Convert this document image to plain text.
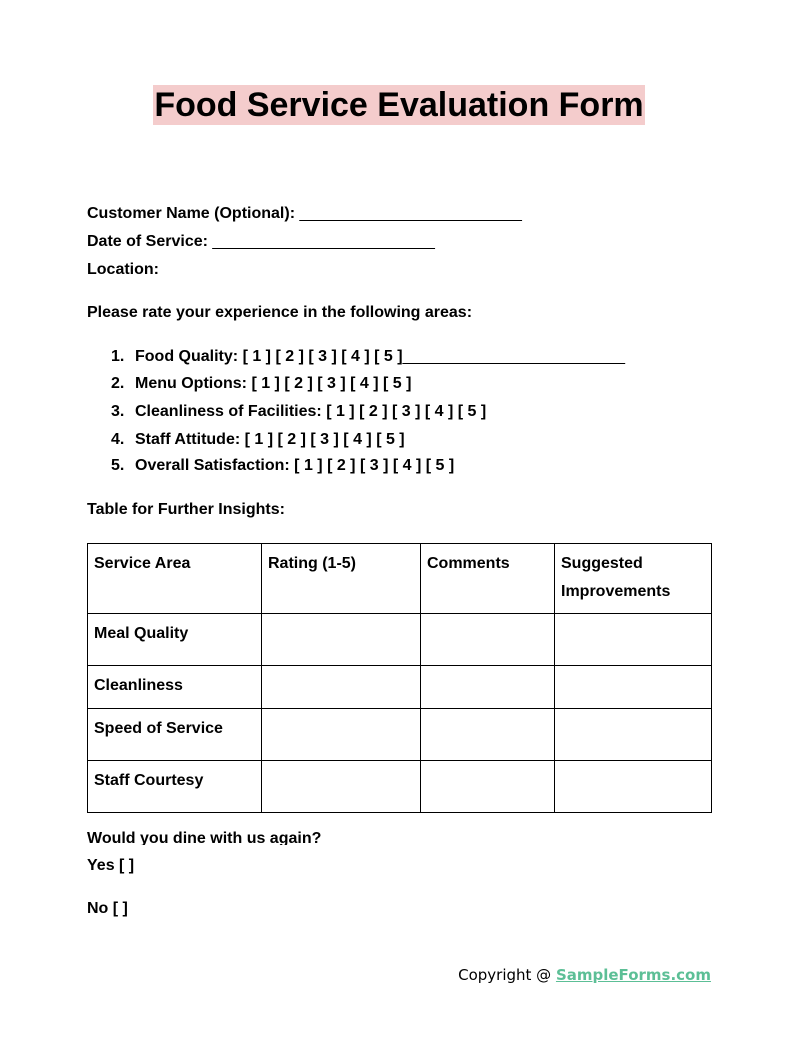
Food Service Evaluation Form
Customer Name (Optional): _________________________
Date of Service: _________________________
Location:
Please rate your experience in the following areas:
1. Food Quality: [ 1 ] [ 2 ] [ 3 ] [ 4 ] [ 5 ]_________________________
2. Menu Options: [ 1 ] [ 2 ] [ 3 ] [ 4 ] [ 5 ]
3. Cleanliness of Facilities: [ 1 ] [ 2 ] [ 3 ] [ 4 ] [ 5 ]
4. Staff Attitude: [ 1 ] [ 2 ] [ 3 ] [ 4 ] [ 5 ]
5. Overall Satisfaction: [ 1 ] [ 2 ] [ 3 ] [ 4 ] [ 5 ]
Table for Further Insights:
Service Area	Rating (1-5)	Comments	Suggested Improvements
Meal Quality			
Cleanliness			
Speed of Service			
Staff Courtesy			
Would you dine with us again?
Yes [ ]
No [ ]
Copyright @ SampleForms.com
